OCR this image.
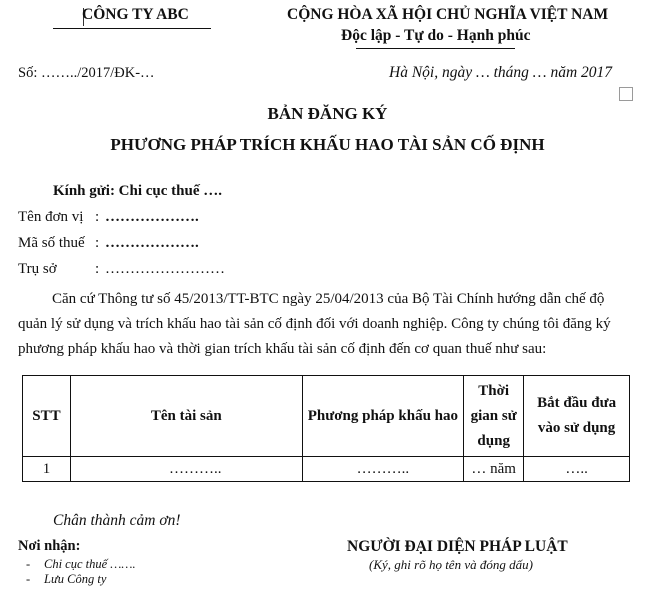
CÔNG TY ABC	CỘNG HÒA XÃ HỘI CHỦ NGHĨA VIỆT NAM
Độc lập - Tự do - Hạnh phúc
Số: ……../2017/ĐK-…	Hà Nội, ngày … tháng … năm 2017
BẢN ĐĂNG KÝ
PHƯƠNG PHÁP TRÍCH KHẤU HAO TÀI SẢN CỐ ĐỊNH
Kính gửi: Chi cục thuế ….
Tên đơn vị : ……………….
Mã số thuế : ……………….
Trụ sở	: ……………………
Căn cứ Thông tư số 45/2013/TT-BTC ngày 25/04/2013 của Bộ Tài Chính hướng dẫn chế độ
quản lý sử dụng và trích khấu hao tài sản cố định đối với doanh nghiệp. Công ty chúng tôi đăng ký
phương pháp khấu hao và thời gian trích khấu tài sản cố định đến cơ quan thuế như sau:
STT	Tên tài sản	Phương pháp khấu hao	Thời gian sử dụng	Bắt đầu đưa vào sử dụng
1	………..	………..	… năm	…..
Chân thành cảm ơn!
Nơi nhận:
- Chi cục thuế …….
- Lưu Công ty
NGƯỜI ĐẠI DIỆN PHÁP LUẬT
(Ký, ghi rõ họ tên và đóng dấu)
